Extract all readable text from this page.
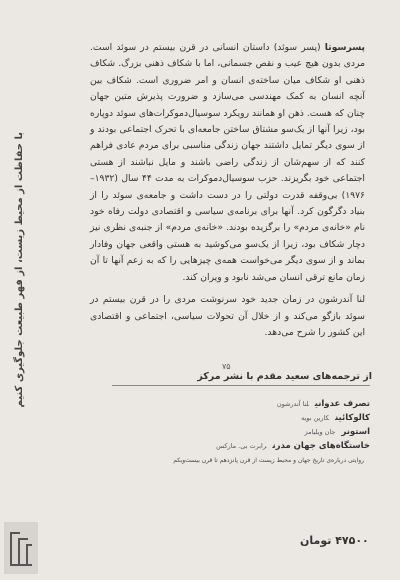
با حفاظت از محیط زیست، از فهر طبیعت جلوگیری کنیم

پسرسوتا (پسر سوئد) داستان انسانی در قرن بیستم در سوئد است. مردی بدون هیچ عیب و نقص جسمانی، اما با شکاف ذهنی بزرگ. شکاف ذهنی او شکاف میان ساخته‌ی انسان و امر ضروری است. شکاف بین آنچه انسان به کمک مهندسی می‌سازد و ضرورت پذیرش متین جهان چنان که هست. ذهن او همانند رویکرد سوسیال‌دموکرات‌های سوئد دوپاره بود، زیرا آنها از یک‌سو مشتاق ساختن جامعه‌ای با تحرک اجتماعی بودند و از سوی دیگر تمایل داشتند جهان زندگی مناسبی برای مردم عادی فراهم کنند که از سهم‌شان از زندگی راضی باشند و مایل نباشند از هستی اجتماعی خود بگریزند. حزب سوسیال‌دموکرات به مدت ۴۴ سال (۱۹۳۲–۱۹۷۶) بی‌وقفه قدرت دولتی را در دست داشت و جامعه‌ی سوئد را از بنیاد دگرگون کرد. آنها برای برنامه‌ی سیاسی و اقتصادی دولت رفاه خود نام «خانه‌ی مردم» را برگزیده بودند. «خانه‌ی مردم» از جنبه‌ی نظری نیز دچار شکاف بود، زیرا از یک‌سو می‌کوشید به هستی واقعی جهان وفادار بماند و از سوی دیگر می‌خواست همه‌ی چیزهایی را که به زعم آنها تا آن زمان مانع ترقی انسان می‌شد نابود و ویران کند.

لنا آندرشون در زمان جدید خود سرنوشت مردی را در قرن بیستم در سوئد بازگو می‌کند و از خلال آن تحولات سیاسی، اجتماعی و اقتصادی این کشور را شرح می‌دهد.

۷۵
از ترجمه‌های سعید مقدم با نشر مرکز
تصرف عدوانیلنا آندرشون
کالوکائینکارین بویه
استونرجان ویلیامز
خاستگاه‌های جهان مدرنرابرت بی. مارکس
روایتی درباره‌ی تاریخ جهان و محیط زیست از قرن پانزدهم تا قرن بیست‌ویکم
۴۷۵۰۰ تومان
